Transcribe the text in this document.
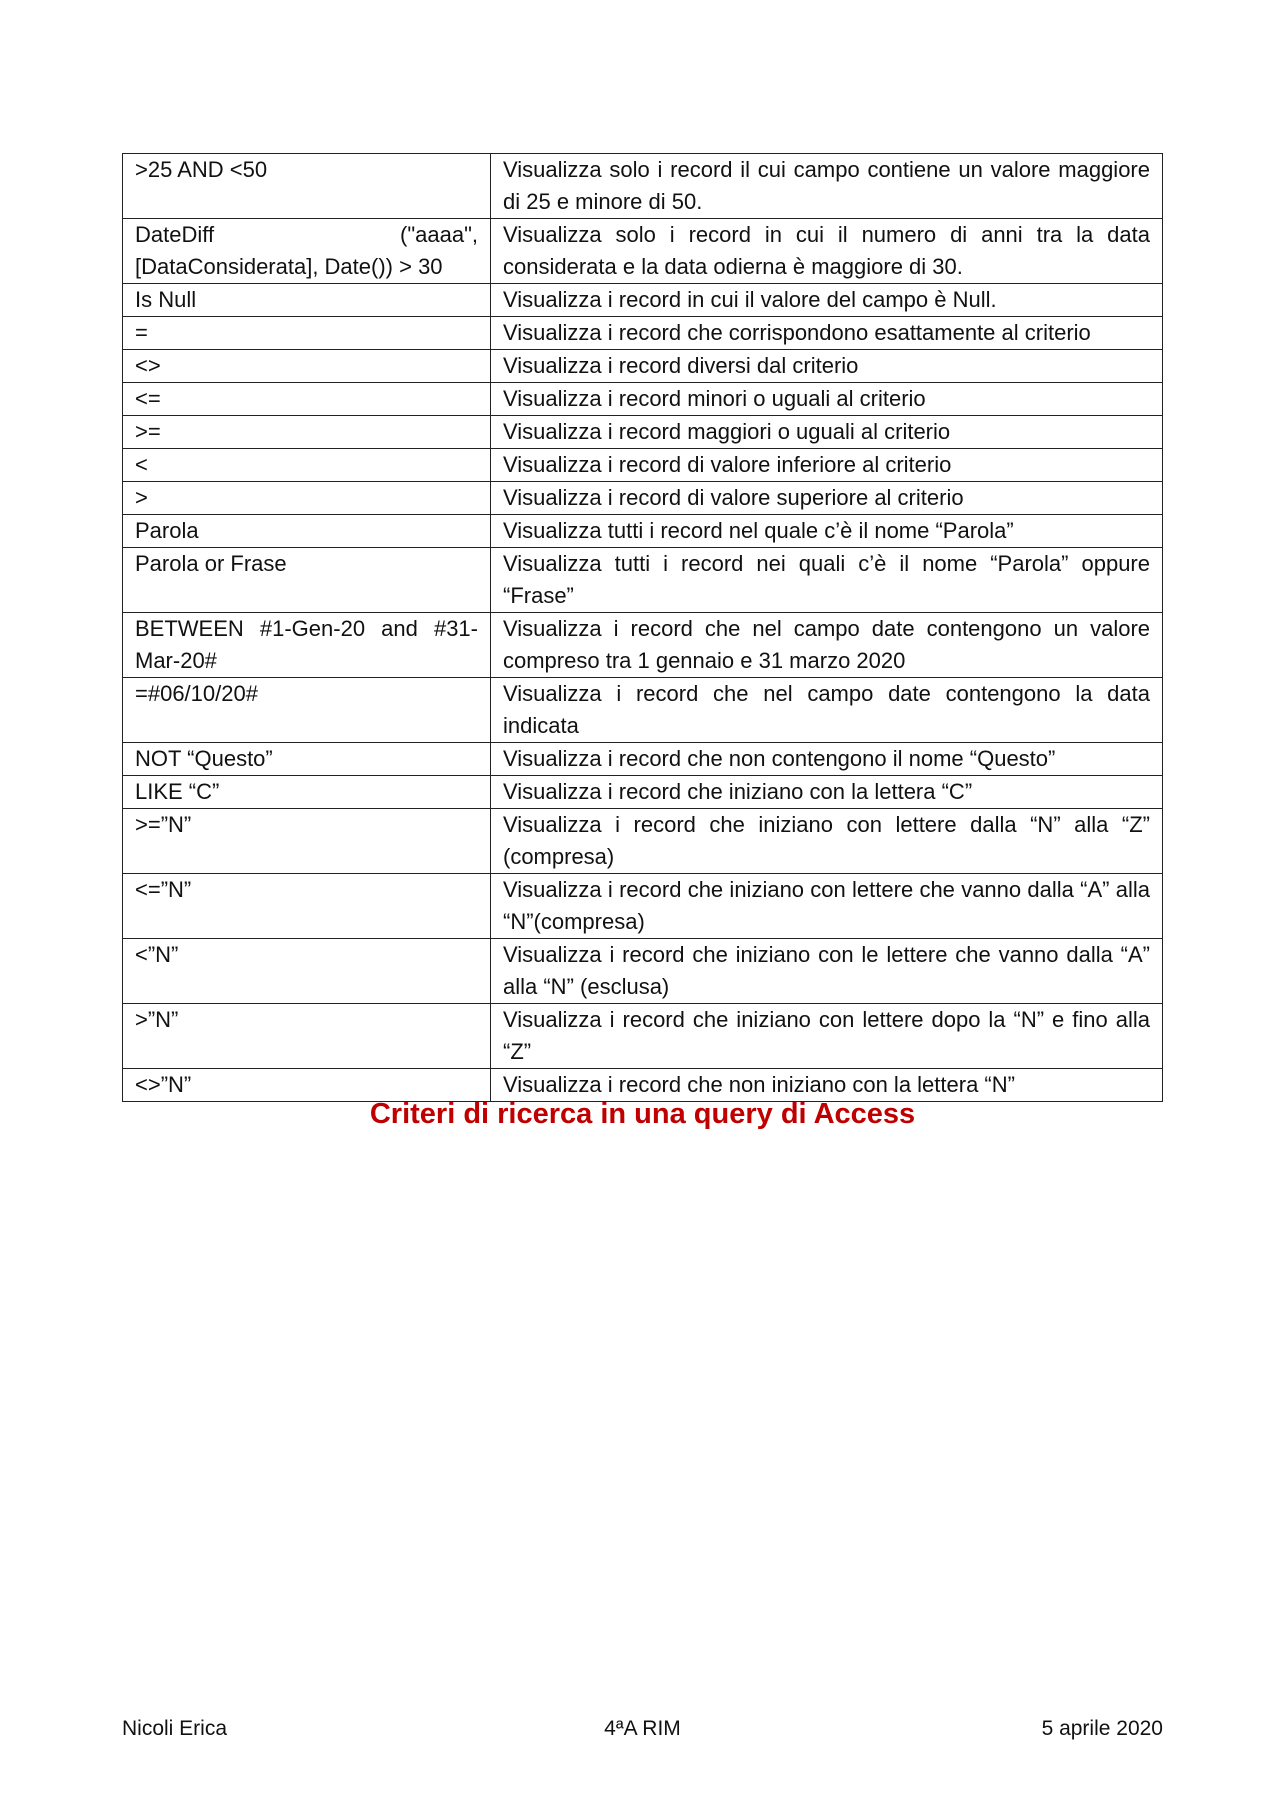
>25 AND <50	Visualizza solo i record il cui campo contiene un valore maggiore di 25 e minore di 50.
DateDiff ("aaaa", [DataConsiderata], Date()) > 30	Visualizza solo i record in cui il numero di anni tra la data considerata e la data odierna è maggiore di 30.
Is Null	Visualizza i record in cui il valore del campo è Null.
=	Visualizza i record che corrispondono esattamente al criterio
<>	Visualizza i record diversi dal criterio
<=	Visualizza i record minori o uguali al criterio
>=	Visualizza i record maggiori o uguali al criterio
<	Visualizza i record di valore inferiore al criterio
>	Visualizza i record di valore superiore al criterio
Parola	Visualizza tutti i record nel quale c’è il nome “Parola”
Parola or Frase	Visualizza tutti i record nei quali c’è il nome “Parola” oppure “Frase”
BETWEEN #1-Gen-20 and #31-Mar-20#	Visualizza i record che nel campo date contengono un valore compreso tra 1 gennaio e 31 marzo 2020
=#06/10/20#	Visualizza i record che nel campo date contengono la data indicata
NOT “Questo”	Visualizza i record che non contengono il nome “Questo”
LIKE “C”	Visualizza i record che iniziano con la lettera “C”
>=”N”	Visualizza i record che iniziano con lettere dalla “N” alla “Z” (compresa)
<=”N”	Visualizza i record che iniziano con lettere che vanno dalla “A” alla “N”(compresa)
<”N”	Visualizza i record che iniziano con le lettere che vanno dalla “A” alla “N” (esclusa)
>”N”	Visualizza i record che iniziano con lettere dopo la “N” e fino alla “Z”
<>”N”	Visualizza i record che non iniziano con la lettera “N”
Criteri di ricerca in una query di Access
Nicoli Erica	4ªA RIM	5 aprile 2020
